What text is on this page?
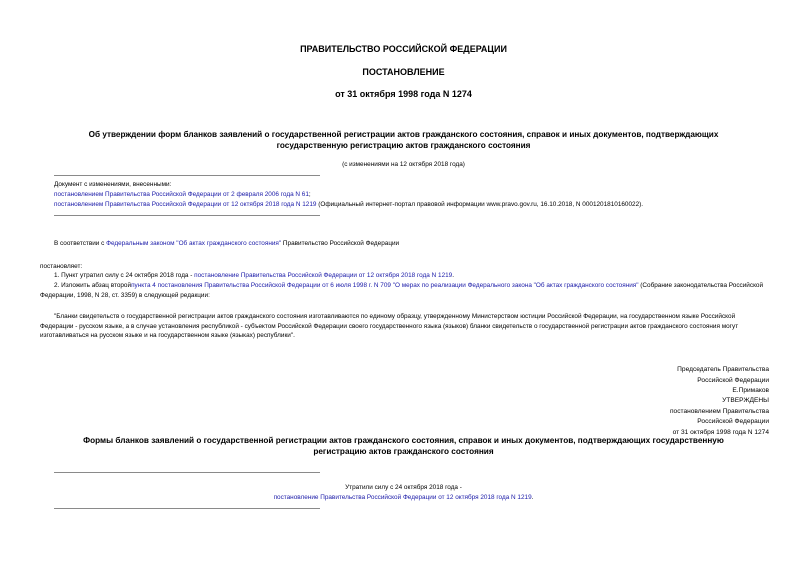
ПРАВИТЕЛЬСТВО РОССИЙСКОЙ ФЕДЕРАЦИИ
ПОСТАНОВЛЕНИЕ
от 31 октября 1998 года N 1274
Об утверждении форм бланков заявлений о государственной регистрации актов гражданского состояния, справок и иных документов, подтверждающих
государственную регистрацию актов гражданского состояния
(с изменениями на 12 октября 2018 года)
Документ с изменениями, внесенными:
постановлением Правительства Российской Федерации от 2 февраля 2006 года N 61;
постановлением Правительства Российской Федерации от 12 октября 2018 года N 1219 (Официальный интернет-портал правовой информации www.pravo.gov.ru, 16.10.2018, N 0001201810160022).
В соответствии с Федеральным законом "Об актах гражданского состояния" Правительство Российской Федерации
постановляет:
1. Пункт утратил силу с 24 октября 2018 года - постановление Правительства Российской Федерации от 12 октября 2018 года N 1219.
2. Изложить абзац второйпункта 4 постановления Правительства Российской Федерации от 6 июля 1998 г. N 709 "О мерах по реализации Федерального закона "Об актах гражданского состояния" (Собрание законодательства Российской Федерации, 1998, N 28, ст. 3359) в следующей редакции:
"Бланки свидетельств о государственной регистрации актов гражданского состояния изготавливаются по единому образцу, утвержденному Министерством юстиции Российской Федерации, на государственном языке Российской Федерации - русском языке, а в случае установления республикой - субъектом Российской Федерации своего государственного языка (языков) бланки свидетельств о государственной регистрации актов гражданского состояния могут изготавливаться на русском языке и на государственном языке (языках) республики".
Председатель Правительства
Российской Федерации
Е.Примаков
УТВЕРЖДЕНЫ
постановлением Правительства
Российской Федерации
от 31 октября 1998 года N 1274
Формы бланков заявлений о государственной регистрации актов гражданского состояния, справок и иных документов, подтверждающих государственную
регистрацию актов гражданского состояния
Утратили силу с 24 октября 2018 года -
постановление Правительства Российской Федерации от 12 октября 2018 года N 1219.
